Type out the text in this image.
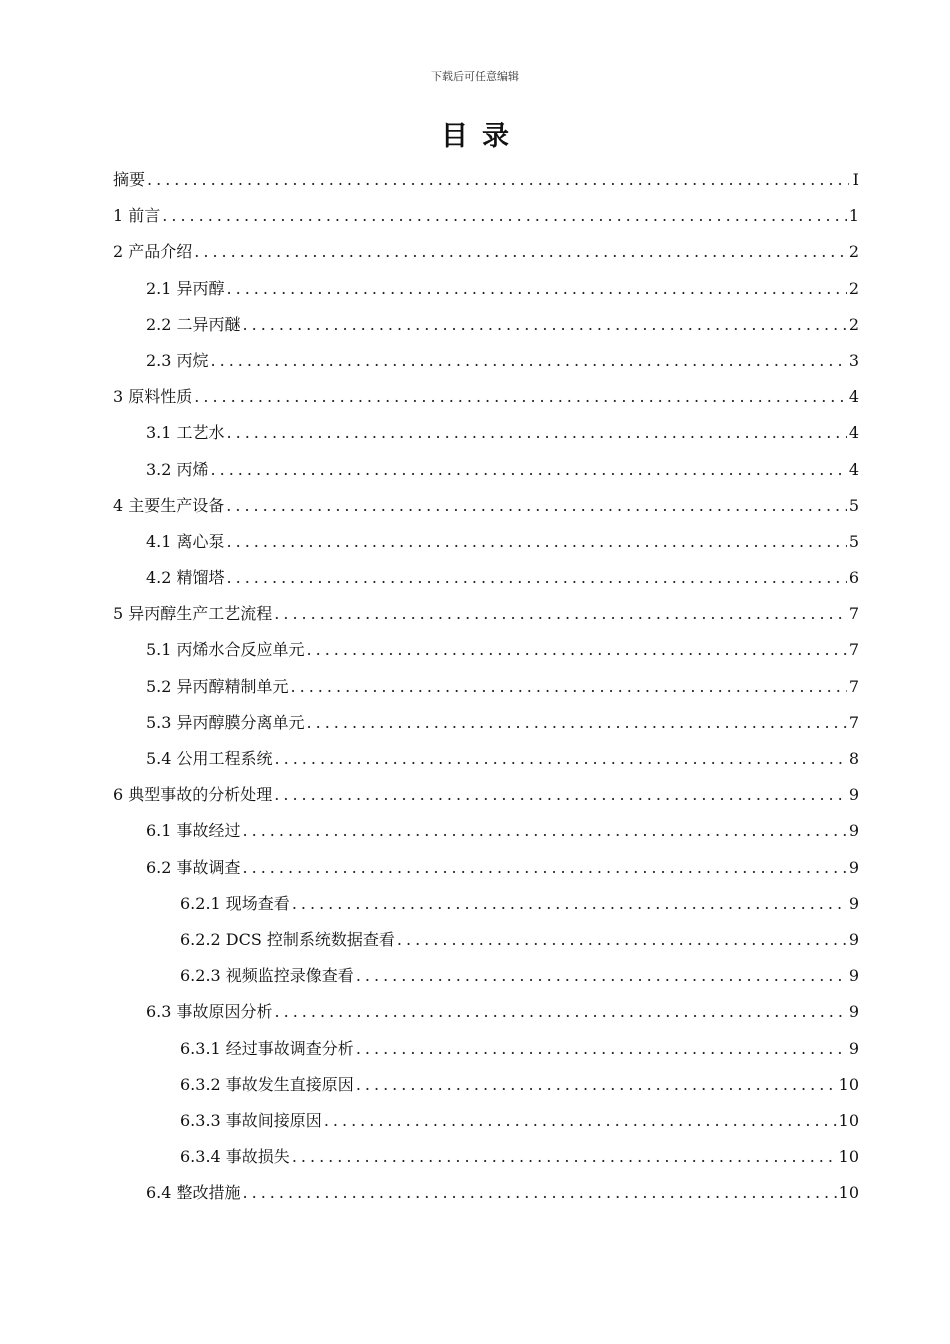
下载后可任意编辑
目录
摘要 .....	I
1 前言 .....	1
2 产品介绍 .....	2
2.1 异丙醇 .....	2
2.2 二异丙醚 .....	2
2.3 丙烷 .....	3
3 原料性质 .....	4
3.1 工艺水 .....	4
3.2 丙烯 .....	4
4 主要生产设备 .....	5
4.1 离心泵 .....	5
4.2 精馏塔 .....	6
5 异丙醇生产工艺流程 .....	7
5.1 丙烯水合反应单元 .....	7
5.2 异丙醇精制单元 .....	7
5.3 异丙醇膜分离单元 .....	7
5.4 公用工程系统 .....	8
6 典型事故的分析处理 .....	9
6.1 事故经过 .....	9
6.2 事故调查 .....	9
6.2.1 现场查看 .....	9
6.2.2 DCS 控制系统数据查看 .....	9
6.2.3 视频监控录像查看 .....	9
6.3 事故原因分析 .....	9
6.3.1 经过事故调查分析 .....	9
6.3.2 事故发生直接原因 .....	10
6.3.3 事故间接原因 .....	10
6.3.4 事故损失 .....	10
6.4 整改措施 .....	10
